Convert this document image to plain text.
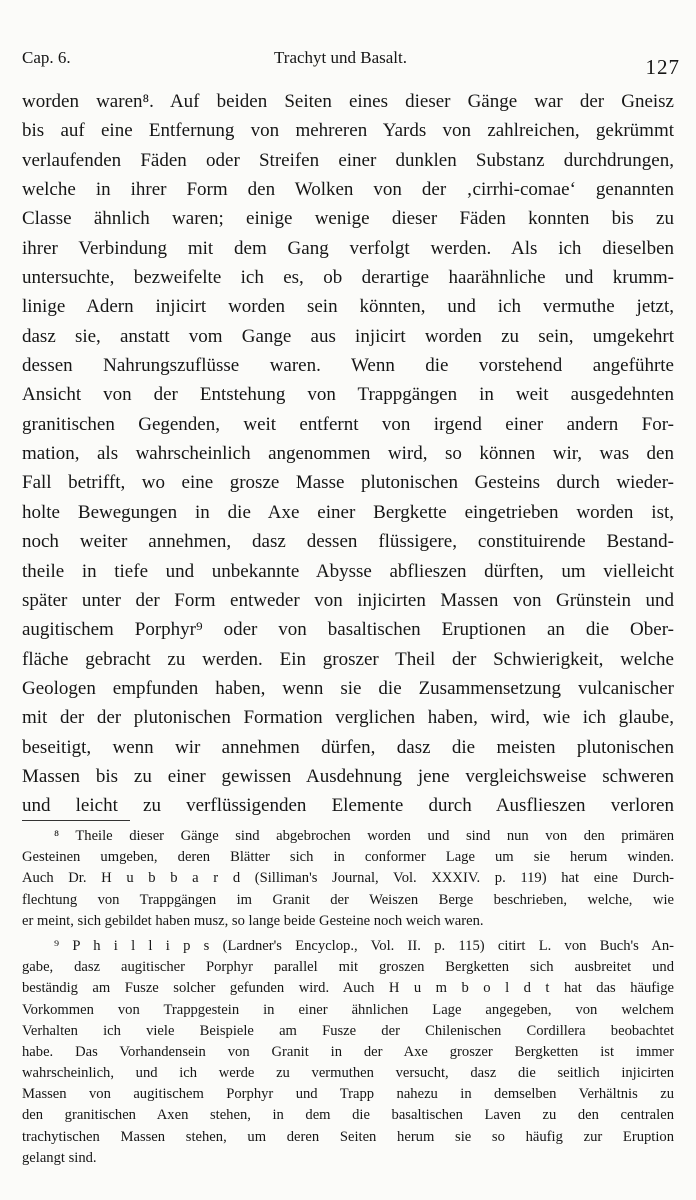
Cap. 6.	Trachyt und Basalt.	127
worden waren⁸. Auf beiden Seiten eines dieser Gänge war der Gneisz
bis auf eine Entfernung von mehreren Yards von zahlreichen, gekrümmt
verlaufenden Fäden oder Streifen einer dunklen Substanz durchdrungen,
welche in ihrer Form den Wolken von der ‚cirrhi-comae‘ genannten
Classe ähnlich waren; einige wenige dieser Fäden konnten bis zu
ihrer Verbindung mit dem Gang verfolgt werden. Als ich dieselben
untersuchte, bezweifelte ich es, ob derartige haarähnliche und krumm-
linige Adern injicirt worden sein könnten, und ich vermuthe jetzt,
dasz sie, anstatt vom Gange aus injicirt worden zu sein, umgekehrt
dessen Nahrungszuflüsse waren. Wenn die vorstehend angeführte
Ansicht von der Entstehung von Trappgängen in weit ausgedehnten
granitischen Gegenden, weit entfernt von irgend einer andern For-
mation, als wahrscheinlich angenommen wird, so können wir, was den
Fall betrifft, wo eine grosze Masse plutonischen Gesteins durch wieder-
holte Bewegungen in die Axe einer Bergkette eingetrieben worden ist,
noch weiter annehmen, dasz dessen flüssigere, constituirende Bestand-
theile in tiefe und unbekannte Abysse abflieszen dürften, um vielleicht
später unter der Form entweder von injicirten Massen von Grünstein und
augitischem Porphyr⁹ oder von basaltischen Eruptionen an die Ober-
fläche gebracht zu werden. Ein groszer Theil der Schwierigkeit, welche
Geologen empfunden haben, wenn sie die Zusammensetzung vulcanischer
mit der der plutonischen Formation verglichen haben, wird, wie ich glaube,
beseitigt, wenn wir annehmen dürfen, dasz die meisten plutonischen
Massen bis zu einer gewissen Ausdehnung jene vergleichsweise schweren
und leicht zu verflüssigenden Elemente durch Ausflieszen verloren
⁸ Theile dieser Gänge sind abgebrochen worden und sind nun von den primären
Gesteinen umgeben, deren Blätter sich in conformer Lage um sie herum winden.
Auch Dr. H u b b a r d (Silliman's Journal, Vol. XXXIV. p. 119) hat eine Durch-
flechtung von Trappgängen im Granit der Weiszen Berge beschrieben, welche, wie
er meint, sich gebildet haben musz, so lange beide Gesteine noch weich waren.
⁹ P h i l l i p s (Lardner's Encyclop., Vol. II. p. 115) citirt L. von Buch's An-
gabe, dasz augitischer Porphyr parallel mit groszen Bergketten sich ausbreitet und
beständig am Fusze solcher gefunden wird. Auch H u m b o l d t hat das häufige
Vorkommen von Trappgestein in einer ähnlichen Lage angegeben, von welchem
Verhalten ich viele Beispiele am Fusze der Chilenischen Cordillera beobachtet
habe. Das Vorhandensein von Granit in der Axe groszer Bergketten ist immer
wahrscheinlich, und ich werde zu vermuthen versucht, dasz die seitlich injicirten
Massen von augitischem Porphyr und Trapp nahezu in demselben Verhältnis zu
den granitischen Axen stehen, in dem die basaltischen Laven zu den centralen
trachytischen Massen stehen, um deren Seiten herum sie so häufig zur Eruption
gelangt sind.
